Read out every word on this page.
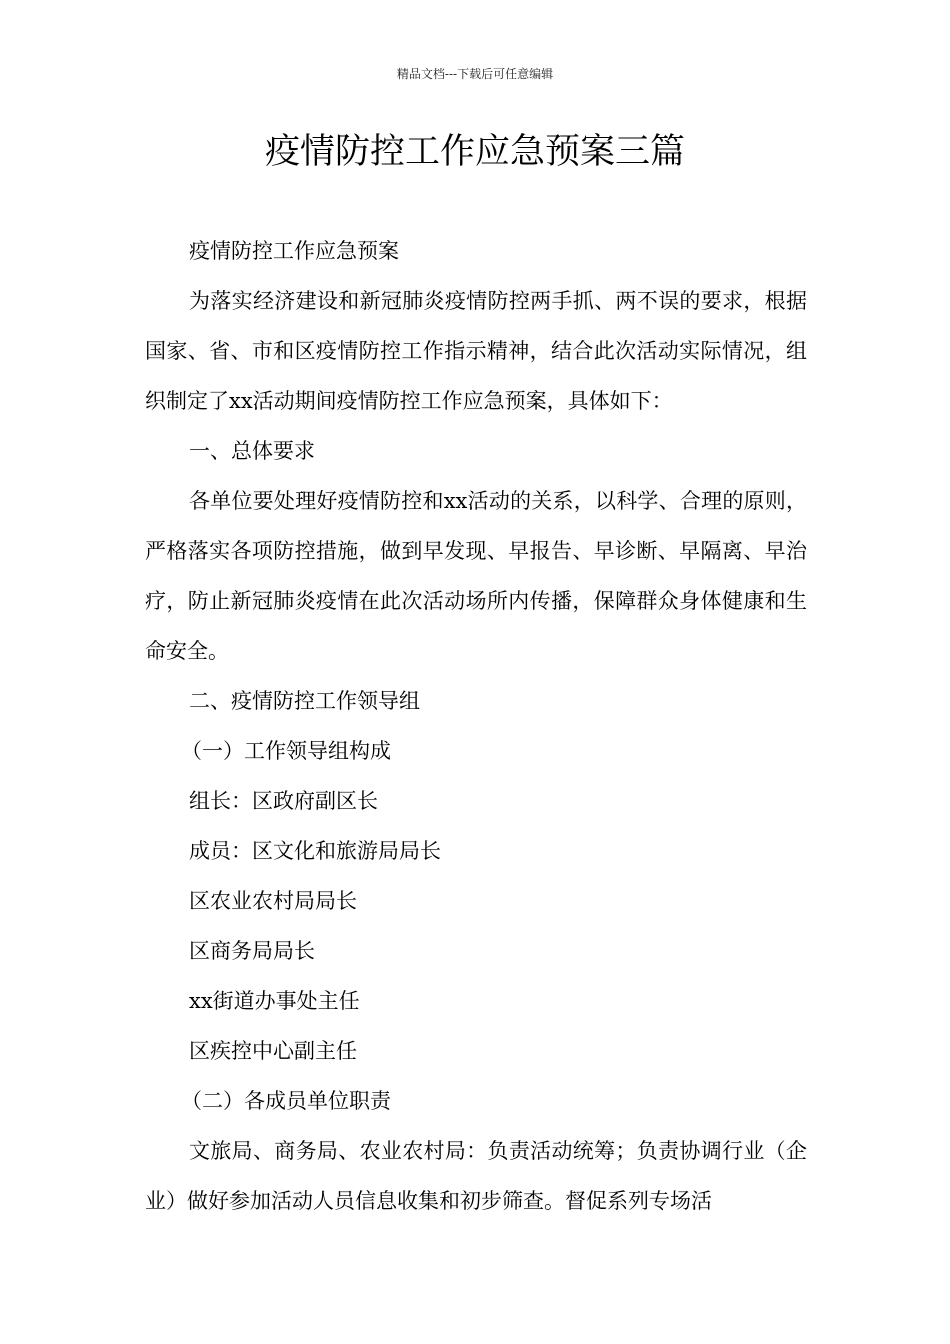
精品文档---下载后可任意编辑
疫情防控工作应急预案三篇

疫情防控工作应急预案

为落实经济建设和新冠肺炎疫情防控两手抓、两不误的要求，根据国家、省、市和区疫情防控工作指示精神，结合此次活动实际情况，组织制定了xx活动期间疫情防控工作应急预案，具体如下：

一、总体要求

各单位要处理好疫情防控和xx活动的关系，以科学、合理的原则，严格落实各项防控措施，做到早发现、早报告、早诊断、早隔离、早治疗，防止新冠肺炎疫情在此次活动场所内传播，保障群众身体健康和生命安全。

二、疫情防控工作领导组

（一）工作领导组构成

组长：区政府副区长

成员：区文化和旅游局局长

区农业农村局局长

区商务局局长

xx街道办事处主任

区疾控中心副主任

（二）各成员单位职责

文旅局、商务局、农业农村局：负责活动统筹；负责协调行业（企业）做好参加活动人员信息收集和初步筛查。督促系列专场活
